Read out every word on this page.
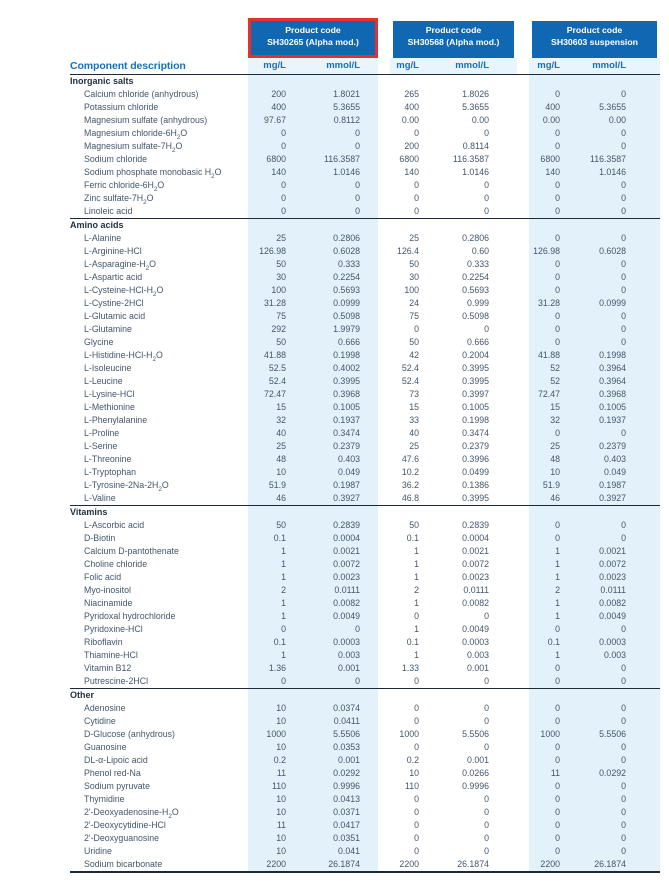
Product code
SH30265 (Alpha mod.)
Product code
SH30568 (Alpha mod.)
Product code
SH30603 suspension
Component description	mg/L	mmol/L	mg/L	mmol/L	mg/L	mmol/L
Inorganic salts
Calcium chloride (anhydrous)	200	1.8021	265	1.8026	0	0
Potassium chloride	400	5.3655	400	5.3655	400	5.3655
Magnesium sulfate (anhydrous)	97.67	0.8112	0.00	0.00	0.00	0.00
Magnesium chloride-$6H_2O$	0	0	0	0	0	0
Magnesium sulfate-$7H_2O$	0	0	200	0.8114	0	0
Sodium chloride	6800	116.3587	6800	116.3587	6800	116.3587
Sodium phosphate monobasic $H_2O$	140	1.0146	140	1.0146	140	1.0146
Ferric chloride-$6H_2O$	0	0	0	0	0	0
Zinc sulfate-$7H_2O$	0	0	0	0	0	0
Linoleic acid	0	0	0	0	0	0
Amino acids
L-Alanine	25	0.2806	25	0.2806	0	0
L-Arginine-HCl	126.98	0.6028	126.4	0.60	126.98	0.6028
$L-Asparagine-H_2O$	50	0.333	50	0.333	0	0
L-Aspartic acid	30	0.2254	30	0.2254	0	0
$L-Cysteine-HCl-H_2O$	100	0.5693	100	0.5693	0	0
L-Cystine-2HCl	31.28	0.0999	24	0.999	31.28	0.0999
L-Glutamic acid	75	0.5098	75	0.5098	0	0
L-Glutamine	292	1.9979	0	0	0	0
Glycine	50	0.666	50	0.666	0	0
$L-Histidine-HCl-H_2O$	41.88	0.1998	42	0.2004	41.88	0.1998
L-Isoleucine	52.5	0.4002	52.4	0.3995	52	0.3964
L-Leucine	52.4	0.3995	52.4	0.3995	52	0.3964
L-Lysine-HCl	72.47	0.3968	73	0.3997	72.47	0.3968
L-Methionine	15	0.1005	15	0.1005	15	0.1005
L-Phenylalanine	32	0.1937	33	0.1998	32	0.1937
L-Proline	40	0.3474	40	0.3474	0	0
L-Serine	25	0.2379	25	0.2379	25	0.2379
L-Threonine	48	0.403	47.6	0.3996	48	0.403
L-Tryptophan	10	0.049	10.2	0.0499	10	0.049
$L-Tyrosine-2Na-2H_2O$	51.9	0.1987	36.2	0.1386	51.9	0.1987
L-Valine	46	0.3927	46.8	0.3995	46	0.3927
Vitamins
L-Ascorbic acid	50	0.2839	50	0.2839	0	0
D-Biotin	0.1	0.0004	0.1	0.0004	0	0
Calcium D-pantothenate	1	0.0021	1	0.0021	1	0.0021
Choline chloride	1	0.0072	1	0.0072	1	0.0072
Folic acid	1	0.0023	1	0.0023	1	0.0023
Myo-inositol	2	0.0111	2	0.0111	2	0.0111
Niacinamide	1	0.0082	1	0.0082	1	0.0082
Pyridoxal hydrochloride	1	0.0049	0	0	1	0.0049
Pyridoxine-HCl	0	0	1	0.0049	0	0
Riboflavin	0.1	0.0003	0.1	0.0003	0.1	0.0003
Thiamine-HCl	1	0.003	1	0.003	1	0.003
Vitamin B12	1.36	0.001	1.33	0.001	0	0
Putrescine-2HCl	0	0	0	0	0	0
Other
Adenosine	10	0.0374	0	0	0	0
Cytidine	10	0.0411	0	0	0	0
D-Glucose (anhydrous)	1000	5.5506	1000	5.5506	1000	5.5506
Guanosine	10	0.0353	0	0	0	0
DL-α-Lipoic acid	0.2	0.001	0.2	0.001	0	0
Phenol red-Na	11	0.0292	10	0.0266	11	0.0292
Sodium pyruvate	110	0.9996	110	0.9996	0	0
Thymidine	10	0.0413	0	0	0	0
$2'-Deoxyadenosine-H_2O$	10	0.0371	0	0	0	0
2'-Deoxycytidine-HCl	11	0.0417	0	0	0	0
2'-Deoxyguanosine	10	0.0351	0	0	0	0
Uridine	10	0.041	0	0	0	0
Sodium bicarbonate	2200	26.1874	2200	26.1874	2200	26.1874
